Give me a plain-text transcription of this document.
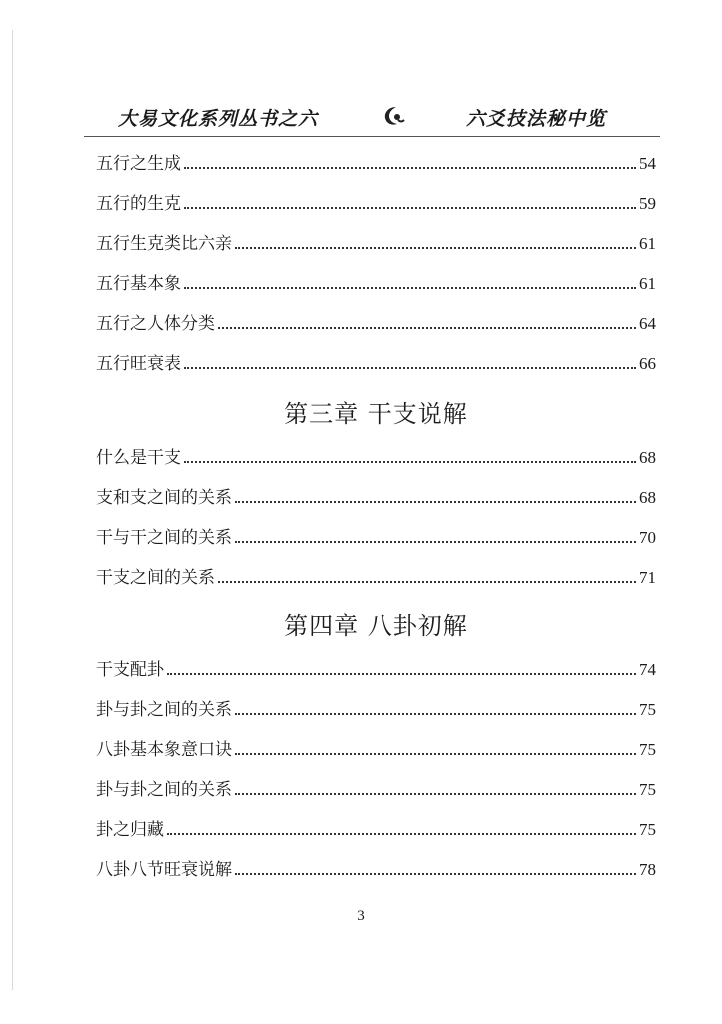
大易文化系列丛书之六	六爻技法秘中览
五行之生成	54
五行的生克	59
五行生克类比六亲	61
五行基本象	61
五行之人体分类	64
五行旺衰表	66
第三章 干支说解
什么是干支	68
支和支之间的关系	68
干与干之间的关系	70
干支之间的关系	71
第四章 八卦初解
干支配卦	74
卦与卦之间的关系	75
八卦基本象意口诀	75
卦与卦之间的关系	75
卦之归藏	75
八卦八节旺衰说解	78
3
